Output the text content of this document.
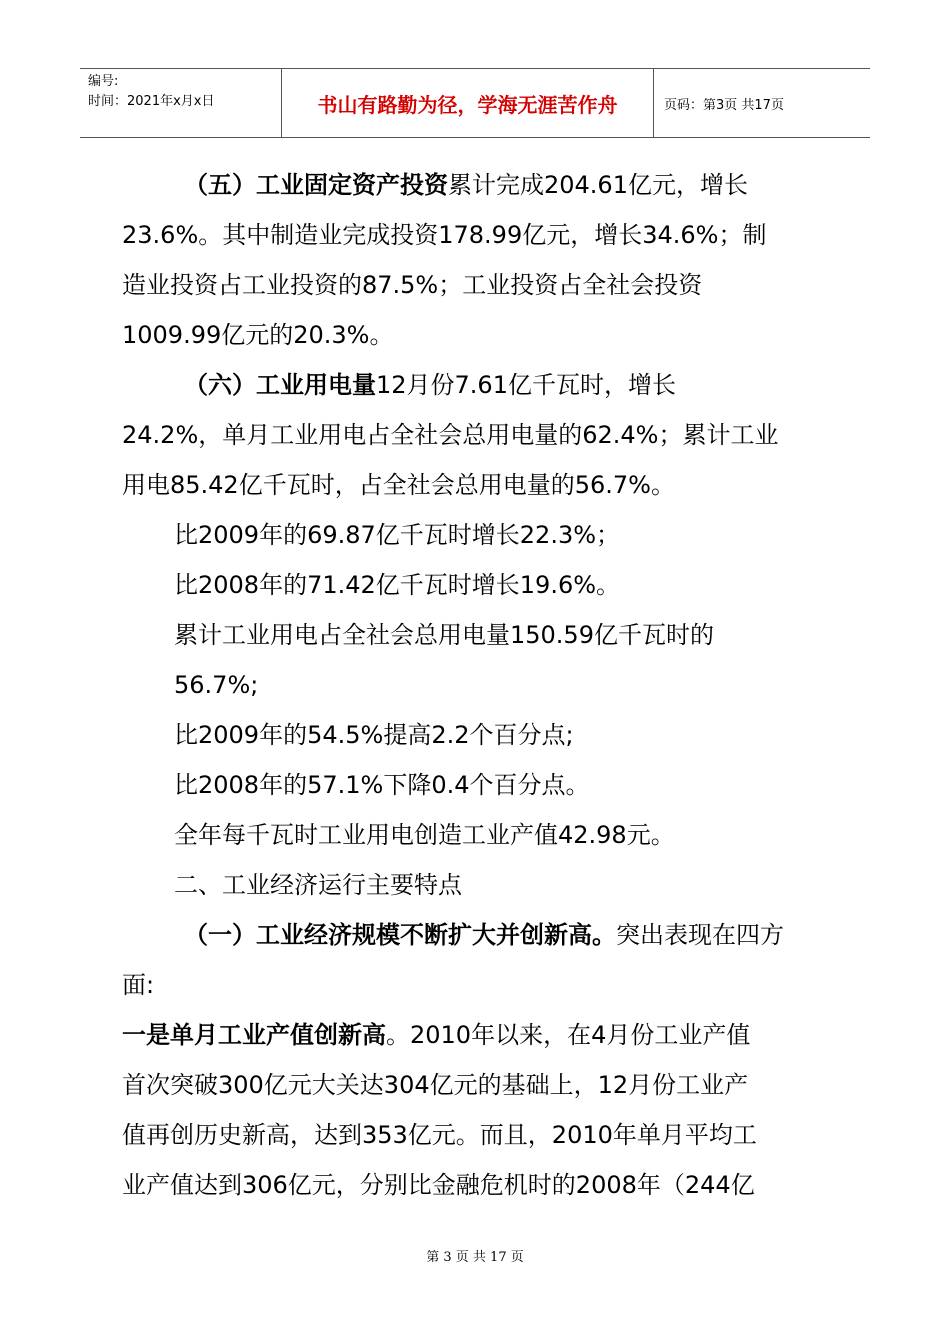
编号:
时间：2021年x月x日	书山有路勤为径，学海无涯苦作舟	页码：第3页 共17页
（五）工业固定资产投资累计完成204.61亿元，增长
23.6%。其中制造业完成投资178.99亿元，增长34.6%；制
造业投资占工业投资的87.5%；工业投资占全社会投资
1009.99亿元的20.3%。
（六）工业用电量12月份7.61亿千瓦时，增长
24.2%，单月工业用电占全社会总用电量的62.4%；累计工业
用电85.42亿千瓦时，占全社会总用电量的56.7%。
比2009年的69.87亿千瓦时增长22.3%；
比2008年的71.42亿千瓦时增长19.6%。
累计工业用电占全社会总用电量150.59亿千瓦时的
56.7%;
比2009年的54.5%提高2.2个百分点;
比2008年的57.1%下降0.4个百分点。
全年每千瓦时工业用电创造工业产值42.98元。
二、工业经济运行主要特点
（一）工业经济规模不断扩大并创新高。突出表现在四方
面:
一是单月工业产值创新高。2010年以来，在4月份工业产值
首次突破300亿元大关达304亿元的基础上，12月份工业产
值再创历史新高，达到353亿元。而且，2010年单月平均工
业产值达到306亿元，分别比金融危机时的2008年（244亿
第 3 页 共 17 页
